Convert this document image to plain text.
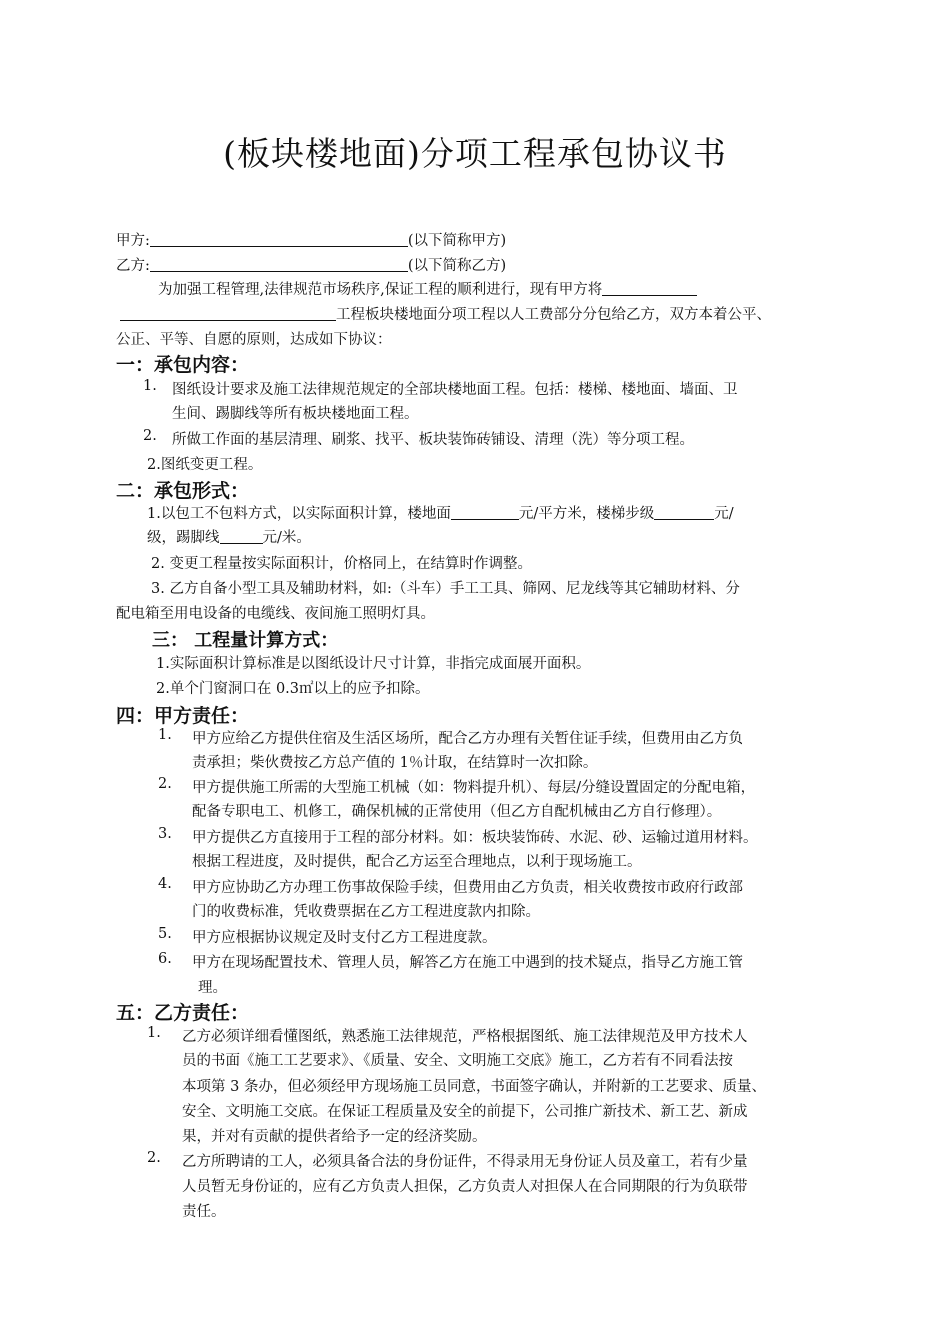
(板块楼地面)分项工程承包协议书
甲方:	(以下简称甲方)
乙方:	(以下简称乙方)
为加强工程管理,法律规范市场秩序,保证工程的顺利进行，现有甲方将
工程板块楼地面分项工程以人工费部分分包给乙方，双方本着公平、
公正、平等、自愿的原则，达成如下协议：
一：承包内容：
1. 图纸设计要求及施工法律规范规定的全部块楼地面工程。包括：楼梯、楼地面、墙面、卫
生间、踢脚线等所有板块楼地面工程。
2. 所做工作面的基层清理、刷浆、找平、板块装饰砖铺设、清理（洗）等分项工程。
2.图纸变更工程。
二：承包形式：
1.以包工不包料方式，以实际面积计算，楼地面	元/平方米，楼梯步级	元/
级，踢脚线	元/米。
2. 变更工程量按实际面积计，价格同上，在结算时作调整。
3. 乙方自备小型工具及辅助材料，如:（斗车）手工工具、筛网、尼龙线等其它辅助材料、分
配电箱至用电设备的电缆线、夜间施工照明灯具。
三： 工程量计算方式：
1.实际面积计算标准是以图纸设计尺寸计算，非指完成面展开面积。
2.单个门窗洞口在 0.3㎡以上的应予扣除。
四：甲方责任：
1. 甲方应给乙方提供住宿及生活区场所，配合乙方办理有关暂住证手续，但费用由乙方负
责承担；柴伙费按乙方总产值的 1％计取，在结算时一次扣除。
2. 甲方提供施工所需的大型施工机械（如：物料提升机）、每层/分缝设置固定的分配电箱，
配备专职电工、机修工，确保机械的正常使用（但乙方自配机械由乙方自行修理）。
3. 甲方提供乙方直接用于工程的部分材料。如：板块装饰砖、水泥、砂、运输过道用材料。
根据工程进度，及时提供，配合乙方运至合理地点，以利于现场施工。
4. 甲方应协助乙方办理工伤事故保险手续，但费用由乙方负责，相关收费按市政府行政部
门的收费标准，凭收费票据在乙方工程进度款内扣除。
5. 甲方应根据协议规定及时支付乙方工程进度款。
6. 甲方在现场配置技术、管理人员，解答乙方在施工中遇到的技术疑点，指导乙方施工管
理。
五：乙方责任：
1. 乙方必须详细看懂图纸，熟悉施工法律规范，严格根据图纸、施工法律规范及甲方技术人
员的书面《施工工艺要求》、《质量、安全、文明施工交底》施工，乙方若有不同看法按
本项第 3 条办，但必须经甲方现场施工员同意，书面签字确认，并附新的工艺要求、质量、
安全、文明施工交底。在保证工程质量及安全的前提下，公司推广新技术、新工艺、新成
果，并对有贡献的提供者给予一定的经济奖励。
2. 乙方所聘请的工人，必须具备合法的身份证件，不得录用无身份证人员及童工，若有少量
人员暂无身份证的，应有乙方负责人担保，乙方负责人对担保人在合同期限的行为负联带
责任。
